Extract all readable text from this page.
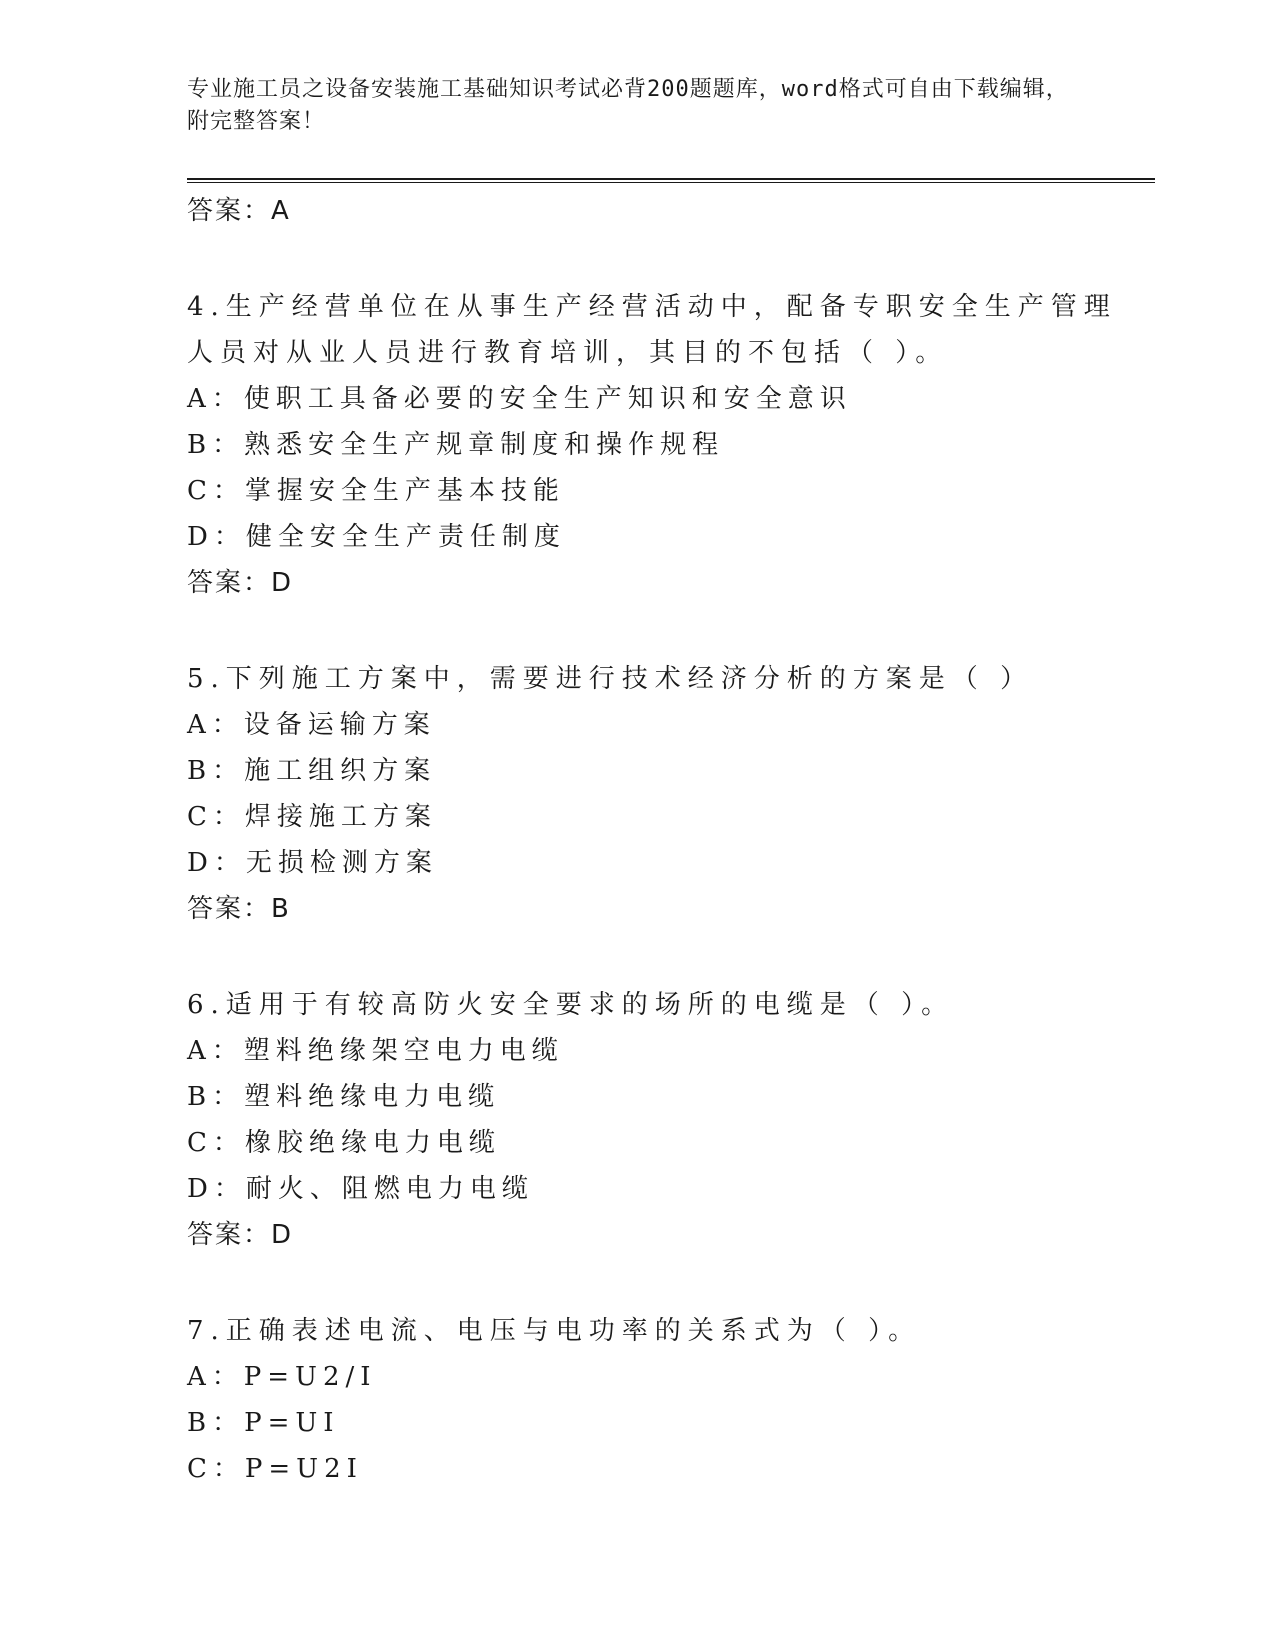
专业施工员之设备安装施工基础知识考试必背200题题库，word格式可自由下载编辑，附完整答案！
答案：A
4.生产经营单位在从事生产经营活动中，配备专职安全生产管理人员对从业人员进行教育培训，其目的不包括（ ）。
A：使职工具备必要的安全生产知识和安全意识
B：熟悉安全生产规章制度和操作规程
C：掌握安全生产基本技能
D：健全安全生产责任制度
答案：D
5.下列施工方案中，需要进行技术经济分析的方案是（ ）
A：设备运输方案
B：施工组织方案
C：焊接施工方案
D：无损检测方案
答案：B
6.适用于有较高防火安全要求的场所的电缆是（ ）。
A：塑料绝缘架空电力电缆
B：塑料绝缘电力电缆
C：橡胶绝缘电力电缆
D：耐火、阻燃电力电缆
答案：D
7.正确表述电流、电压与电功率的关系式为（ ）。
A：P=U2/I
B：P=UI
C：P=U2I
